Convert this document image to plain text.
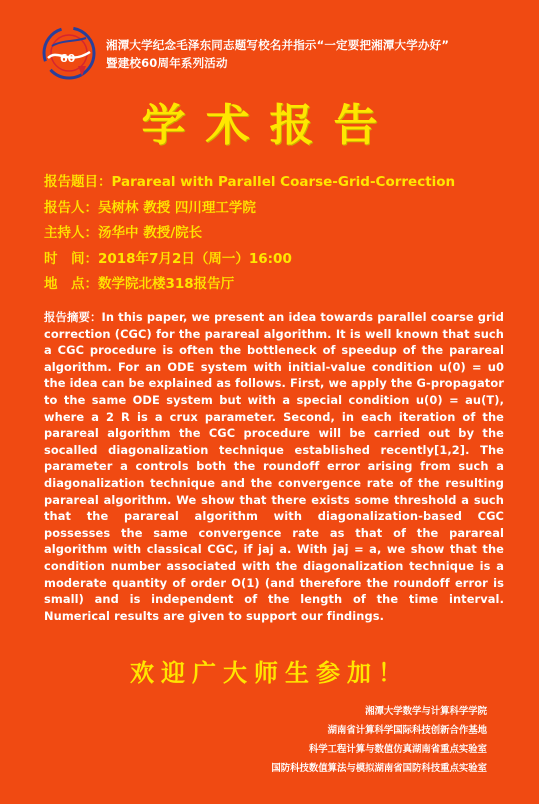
60
湘潭大学纪念毛泽东同志题写校名并指示“一定要把湘潭大学办好”
暨建校60周年系列活动
学术报告
报告题目：Parareal with Parallel Coarse-Grid-Correction
报告人：吴树林 教授 四川理工学院
主持人：汤华中 教授/院长
时　间：2018年7月2日（周一）16:00
地　点：数学院北楼318报告厅
报告摘要：In this paper, we present an idea towards parallel coarse grid correction (CGC) for the parareal algorithm. It is well known that such a CGC procedure is often the bottleneck of speedup of the parareal algorithm. For an ODE system with initial-value condition u(0) = u0 the idea can be explained as follows. First, we apply the G-propagator to the same ODE system but with a special condition u(0) = au(T), where a 2 R is a crux parameter. Second, in each iteration of the parareal algorithm the CGC procedure will be carried out by the socalled diagonalization technique established recently[1,2]. The parameter a controls both the roundoff error arising from such a diagonalization technique and the convergence rate of the resulting parareal algorithm. We show that there exists some threshold a such that the parareal algorithm with diagonalization-based CGC possesses the same convergence rate as that of the parareal algorithm with classical CGC, if jaj a. With jaj = a, we show that the condition number associated with the diagonalization technique is a moderate quantity of order O(1) (and therefore the roundoff error is small) and is independent of the length of the time interval. Numerical results are given to support our findings.
欢迎广大师生参加！
湘潭大学数学与计算科学学院
湖南省计算科学国际科技创新合作基地
科学工程计算与数值仿真湖南省重点实验室
国防科技数值算法与模拟湖南省国防科技重点实验室
